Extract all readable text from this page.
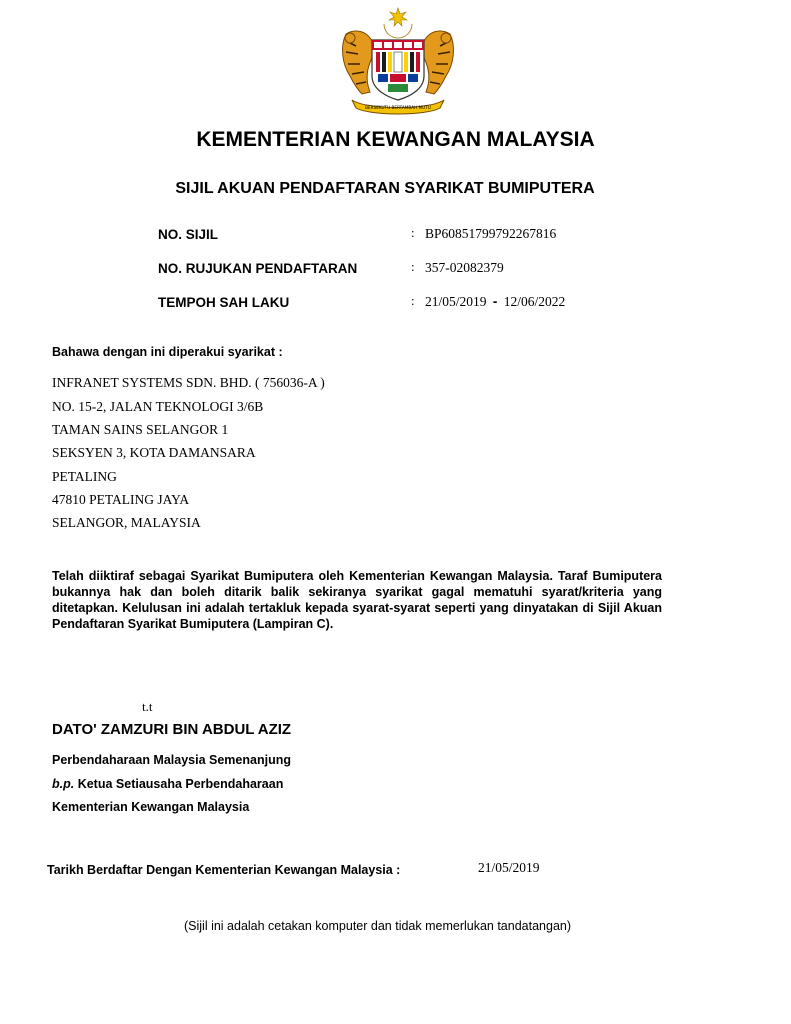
BERSEKUTU BERTAMBAH MUTU
KEMENTERIAN KEWANGAN MALAYSIA
SIJIL AKUAN PENDAFTARAN SYARIKAT BUMIPUTERA
NO. SIJIL	: BP60851799792267816
NO. RUJUKAN PENDAFTARAN	: 357-02082379
TEMPOH SAH LAKU	: 21/05/2019 - 12/06/2022
Bahawa dengan ini diperakui syarikat :
INFRANET SYSTEMS SDN. BHD. ( 756036-A )
NO. 15-2, JALAN TEKNOLOGI 3/6B
TAMAN SAINS SELANGOR 1
SEKSYEN 3, KOTA DAMANSARA
PETALING
47810 PETALING JAYA
SELANGOR, MALAYSIA
Telah diiktiraf sebagai Syarikat Bumiputera oleh Kementerian Kewangan Malaysia. Taraf Bumiputera bukannya hak dan boleh ditarik balik sekiranya syarikat gagal mematuhi syarat/kriteria yang ditetapkan. Kelulusan ini adalah tertakluk kepada syarat-syarat seperti yang dinyatakan di Sijil Akuan Pendaftaran Syarikat Bumiputera (Lampiran C).
t.t
DATO' ZAMZURI BIN ABDUL AZIZ
Perbendaharaan Malaysia Semenanjung
b.p. Ketua Setiausaha Perbendaharaan
Kementerian Kewangan Malaysia
Tarikh Berdaftar Dengan Kementerian Kewangan Malaysia :	21/05/2019
(Sijil ini adalah cetakan komputer dan tidak memerlukan tandatangan)
